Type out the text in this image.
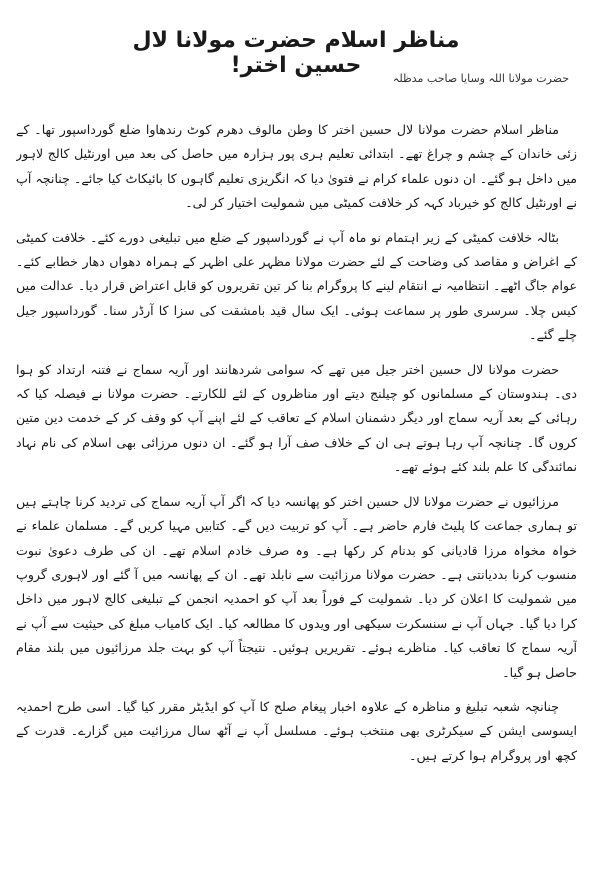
مناظر اسلام حضرت مولانا لال حسین اختر!
حضرت مولانا اللہ وسایا صاحب مدظلہ

مناظر اسلام حضرت مولانا لال حسین اختر کا وطن مالوف دھرم کوٹ رندھاوا ضلع گورداسپور تھا۔ کے زئی خاندان کے چشم و چراغ تھے۔ ابتدائی تعلیم ہری پور ہزارہ میں حاصل کی بعد میں اورنٹیل کالج لاہور میں داخل ہو گئے۔ ان دنوں علماء کرام نے فتویٰ دیا کہ انگریزی تعلیم گاہوں کا بائیکاٹ کیا جائے۔ چنانچہ آپ نے اورنٹیل کالج کو خیرباد کہہ کر خلافت کمیٹی میں شمولیت اختیار کر لی۔

بٹالہ خلافت کمیٹی کے زیر اہتمام نو ماہ آپ نے گورداسپور کے ضلع میں تبلیغی دورے کئے۔ خلافت کمیٹی کے اغراض و مقاصد کی وضاحت کے لئے حضرت مولانا مظہر علی اظہر کے ہمراہ دھواں دھار خطابے کئے۔ عوام جاگ اٹھے۔ انتظامیہ نے انتقام لینے کا پروگرام بنا کر تین تقریروں کو قابل اعتراض قرار دیا۔ عدالت میں کیس چلا۔ سرسری طور پر سماعت ہوئی۔ ایک سال قید بامشقت کی سزا کا آرڈر سنا۔ گورداسپور جیل چلے گئے۔

حضرت مولانا لال حسین اختر جیل میں تھے کہ سوامی شردھانند اور آریہ سماج نے فتنہ ارتداد کو ہوا دی۔ ہندوستان کے مسلمانوں کو چیلنج دیتے اور مناظروں کے لئے للکارتے۔ حضرت مولانا نے فیصلہ کیا کہ رہائی کے بعد آریہ سماج اور دیگر دشمنان اسلام کے تعاقب کے لئے اپنے آپ کو وقف کر کے خدمت دین متین کروں گا۔ چنانچہ آپ رہا ہوتے ہی ان کے خلاف صف آرا ہو گئے۔ ان دنوں مرزائی بھی اسلام کی نام نہاد نمائندگی کا علم بلند کئے ہوئے تھے۔

مرزائیوں نے حضرت مولانا لال حسین اختر کو پھانسہ دیا کہ اگر آپ آریہ سماج کی تردید کرنا چاہتے ہیں تو ہماری جماعت کا پلیٹ فارم حاضر ہے۔ آپ کو تربیت دیں گے۔ کتابیں مہیا کریں گے۔ مسلمان علماء نے خواہ مخواہ مرزا قادیانی کو بدنام کر رکھا ہے۔ وہ صرف خادم اسلام تھے۔ ان کی طرف دعویٰ نبوت منسوب کرنا بددیانتی ہے۔ حضرت مولانا مرزائیت سے نابلد تھے۔ ان کے پھانسہ میں آ گئے اور لاہوری گروپ میں شمولیت کا اعلان کر دیا۔ شمولیت کے فوراً بعد آپ کو احمدیہ انجمن کے تبلیغی کالج لاہور میں داخل کرا دیا گیا۔ جہاں آپ نے سنسکرت سیکھی اور ویدوں کا مطالعہ کیا۔ ایک کامیاب مبلغ کی حیثیت سے آپ نے آریہ سماج کا تعاقب کیا۔ مناظرے ہوئے۔ تقریریں ہوئیں۔ نتیجتاً آپ کو بہت جلد مرزائیوں میں بلند مقام حاصل ہو گیا۔

چنانچہ شعبہ تبلیغ و مناظرہ کے علاوہ اخبار پیغام صلح کا آپ کو ایڈیٹر مقرر کیا گیا۔ اسی طرح احمدیہ ایسوسی ایشن کے سیکرٹری بھی منتخب ہوئے۔ مسلسل آپ نے آٹھ سال مرزائیت میں گزارے۔ قدرت کے کچھ اور پروگرام ہوا کرتے ہیں۔
